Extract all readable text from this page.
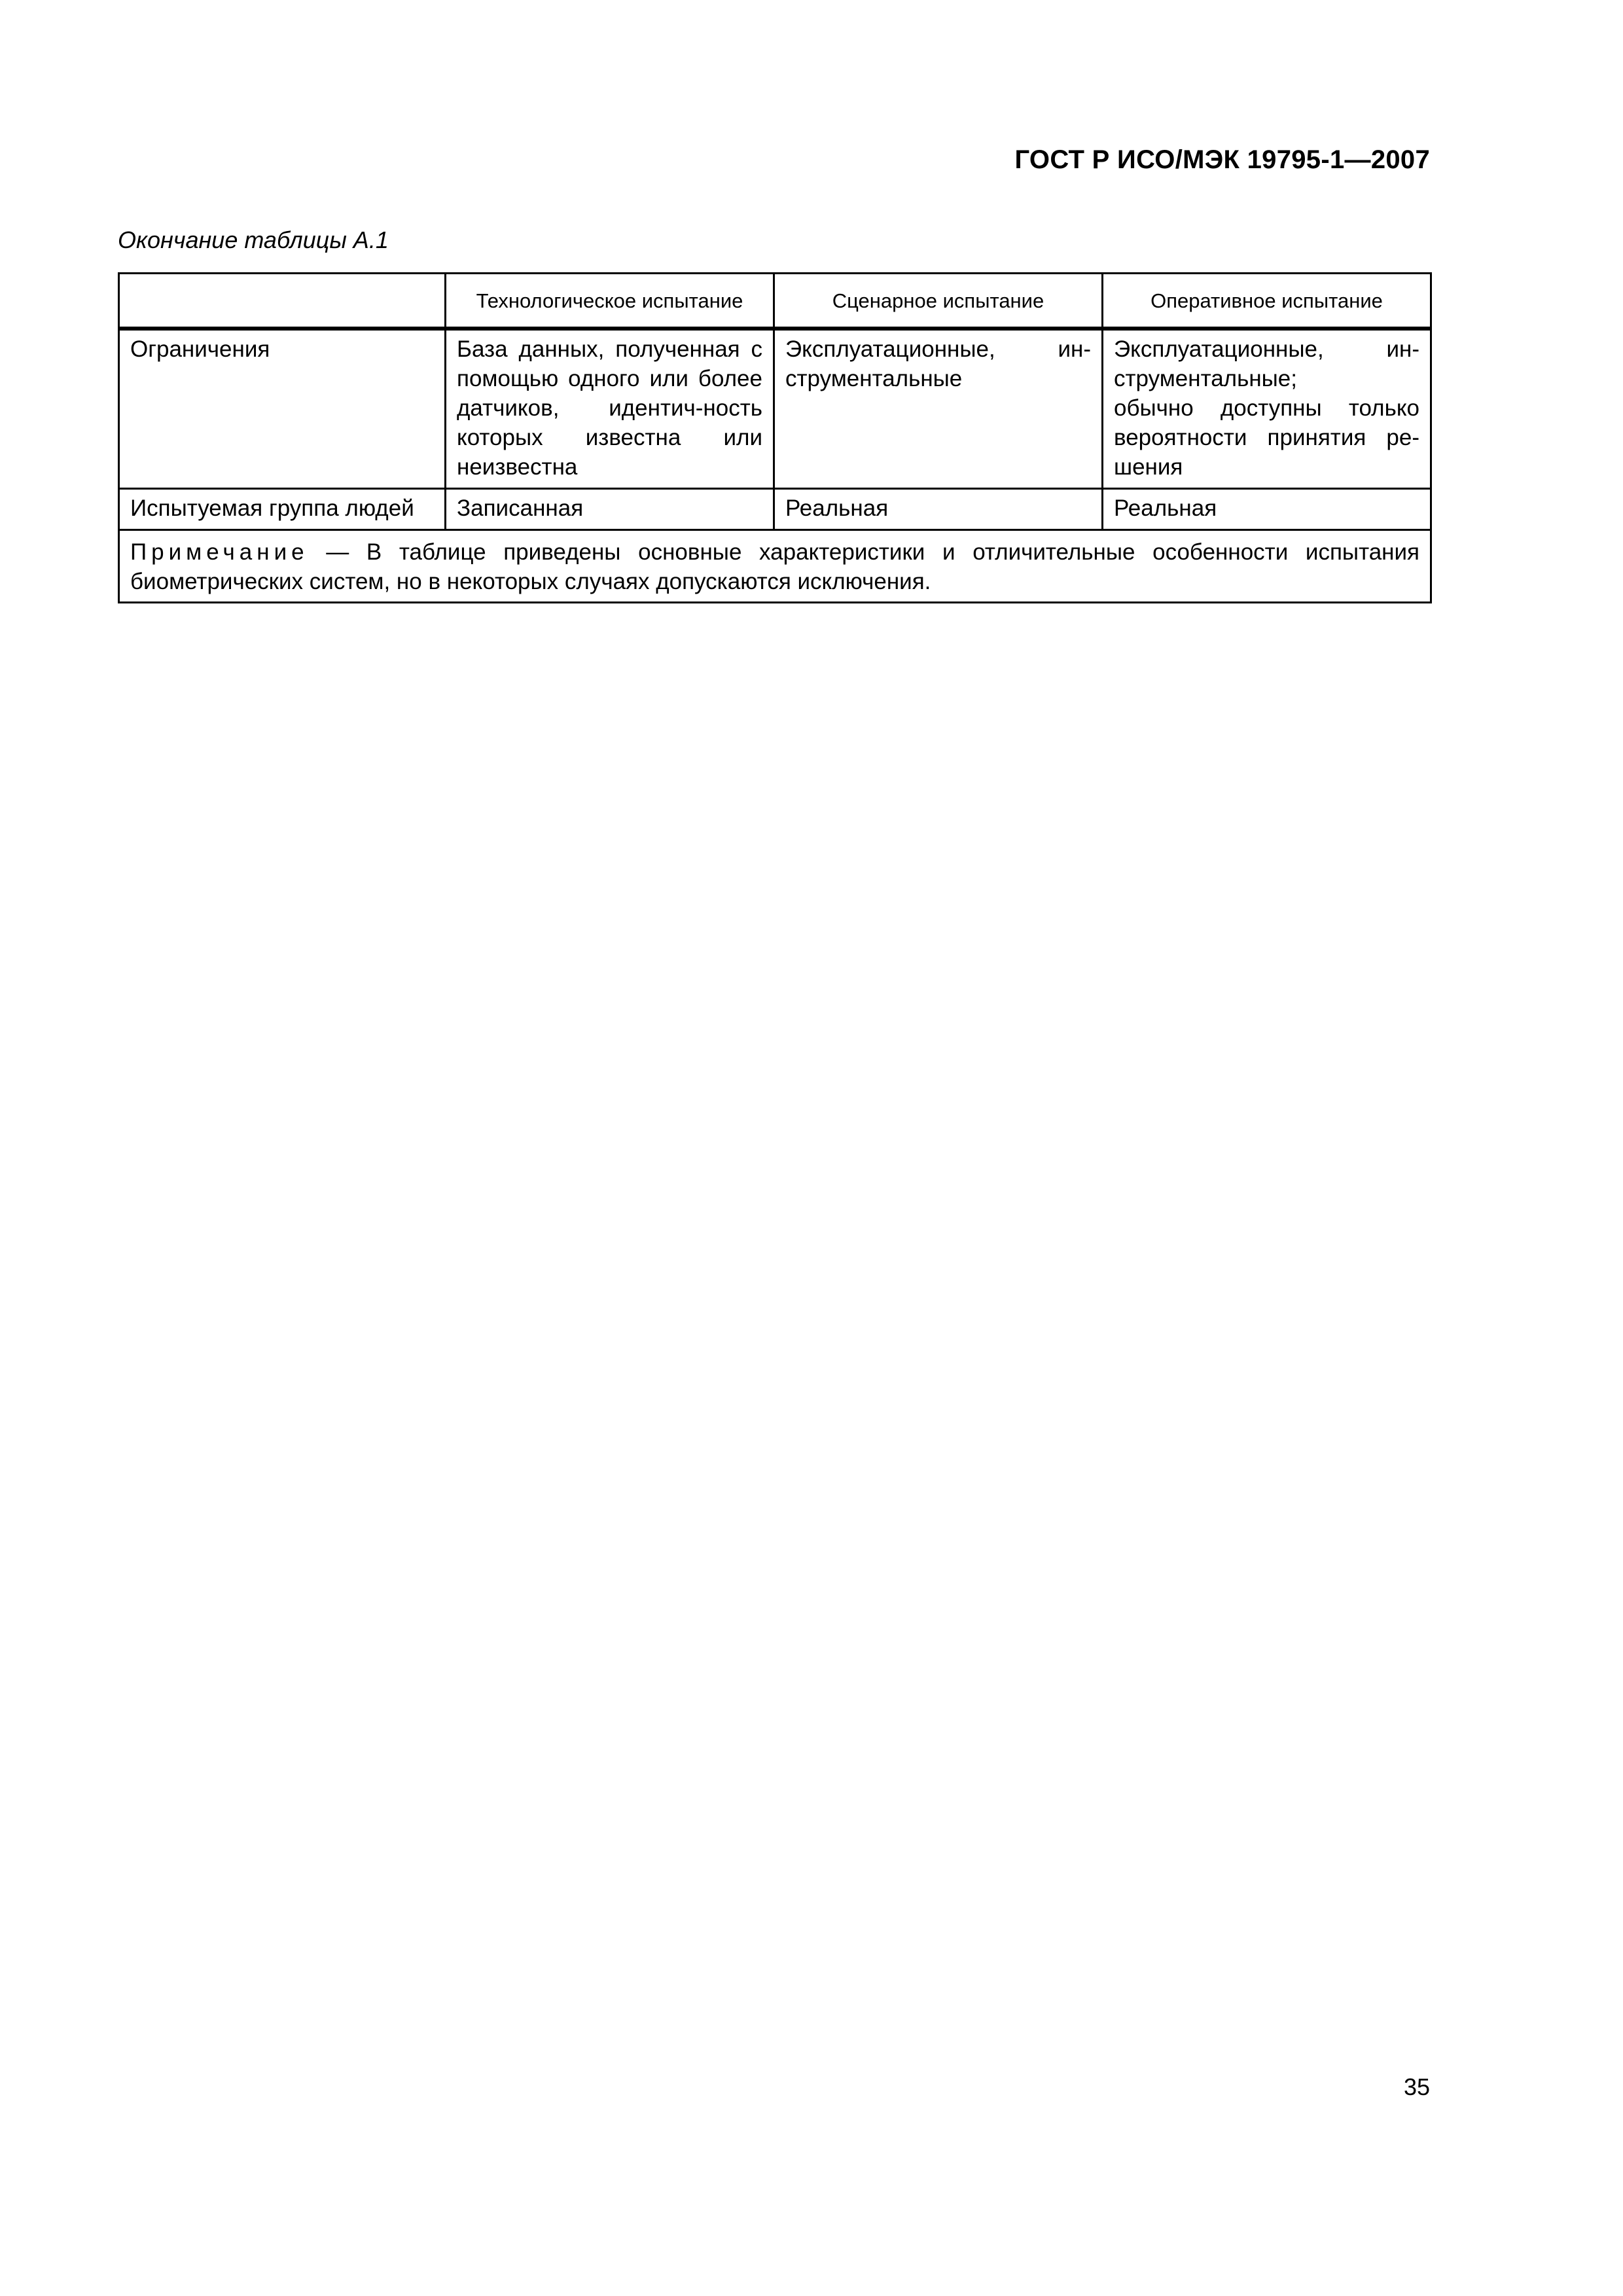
ГОСТ Р ИСО/МЭК 19795-1—2007
Окончание таблицы А.1
	Технологическое испытание	Сценарное испытание	Оперативное испытание
Ограничения	База данных, полученная с помощью одного или более датчиков, идентич-ность которых известна или неизвестна	Эксплуатационные, ин-струментальные	Эксплуатационные, ин-струментальные;
обычно доступны только вероятности принятия ре-шения

Испытуемая группа людей	Записанная	Реальная	Реальная
Примечание — В таблице приведены основные характеристики и отличительные особенности испытания биометрических систем, но в некоторых случаях допускаются исключения.			
35
